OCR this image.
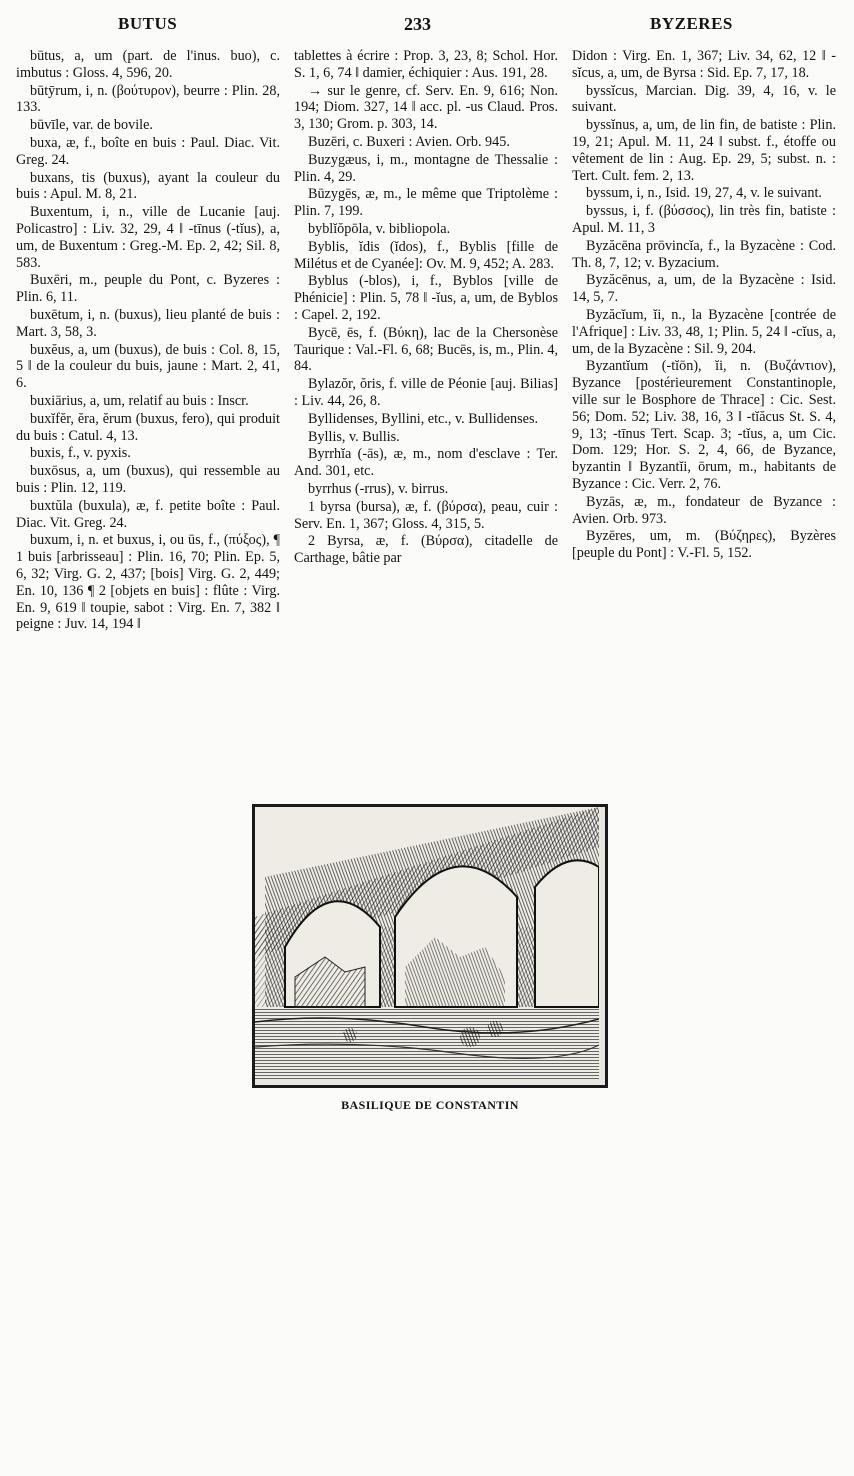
BUTUS	233	BYZERES

būtus, a, um (part. de l'inus. buo), c. imbutus : Gloss. 4, 596, 20.

būtȳrum, i, n. (βούτυρον), beurre : Plin. 28, 133.

būvīle, var. de bovile.

buxa, æ, f., boîte en buis : Paul. Diac. Vit. Greg. 24.

buxans, tis (buxus), ayant la couleur du buis : Apul. M. 8, 21.

Buxentum, i, n., ville de Lucanie [auj. Policastro] : Liv. 32, 29, 4 ‖ -tīnus (-tĭus), a, um, de Buxentum : Greg.-M. Ep. 2, 42; Sil. 8, 583.

Buxēri, m., peuple du Pont, c. Byzeres : Plin. 6, 11.

buxētum, i, n. (buxus), lieu planté de buis : Mart. 3, 58, 3.

buxĕus, a, um (buxus), de buis : Col. 8, 15, 5 ‖ de la couleur du buis, jaune : Mart. 2, 41, 6.

buxiārius, a, um, relatif au buis : Inscr.

buxĭfĕr, ĕra, ĕrum (buxus, fero), qui produit du buis : Catul. 4, 13.

buxis, f., v. pyxis.

buxōsus, a, um (buxus), qui ressemble au buis : Plin. 12, 119.

buxtŭla (buxula), æ, f. petite boîte : Paul. Diac. Vit. Greg. 24.

buxum, i, n. et buxus, i, ou ūs, f., (πύξος), ¶ 1 buis [arbrisseau] : Plin. 16, 70; Plin. Ep. 5, 6, 32; Virg. G. 2, 437; [bois] Virg. G. 2, 449; En. 10, 136 ¶ 2 [objets en buis] : flûte : Virg. En. 9, 619 ‖ toupie, sabot : Virg. En. 7, 382 ‖ peigne : Juv. 14, 194 ‖

tablettes à écrire : Prop. 3, 23, 8; Schol. Hor. S. 1, 6, 74 ‖ damier, échiquier : Aus. 191, 28.

→ sur le genre, cf. Serv. En. 9, 616; Non. 194; Diom. 327, 14 ‖ acc. pl. -us Claud. Pros. 3, 130; Grom. p. 303, 14.

Buzēri, c. Buxeri : Avien. Orb. 945.

Buzygæus, i, m., montagne de Thessalie : Plin. 4, 29.

Būzygēs, æ, m., le même que Triptolème : Plin. 7, 199.

byblĭŏpōla, v. bibliopola.

Byblis, ĭdis (ĭdos), f., Byblis [fille de Milétus et de Cyanée]: Ov. M. 9, 452; A. 283.

Byblus (-blos), i, f., Byblos [ville de Phénicie] : Plin. 5, 78 ‖ -ĭus, a, um, de Byblos : Capel. 2, 192.

Bycē, ēs, f. (Βύκη), lac de la Chersonèse Taurique : Val.-Fl. 6, 68; Bucēs, is, m., Plin. 4, 84.

Bylazŏr, ŏris, f. ville de Péonie [auj. Bilias] : Liv. 44, 26, 8.

Byllidenses, Byllini, etc., v. Bullidenses.

Byllis, v. Bullis.

Byrrhĭa (-ās), æ, m., nom d'esclave : Ter. And. 301, etc.

byrrhus (-rrus), v. birrus.

1 byrsa (bursa), æ, f. (βύρσα), peau, cuir : Serv. En. 1, 367; Gloss. 4, 315, 5.

2 Byrsa, æ, f. (Βύρσα), citadelle de Carthage, bâtie par

Didon : Virg. En. 1, 367; Liv. 34, 62, 12 ‖ -sĭcus, a, um, de Byrsa : Sid. Ep. 7, 17, 18.

byssĭcus, Marcian. Dig. 39, 4, 16, v. le suivant.

byssĭnus, a, um, de lin fin, de batiste : Plin. 19, 21; Apul. M. 11, 24 ‖ subst. f., étoffe ou vêtement de lin : Aug. Ep. 29, 5; subst. n. : Tert. Cult. fem. 2, 13.

byssum, i, n., Isid. 19, 27, 4, v. le suivant.

byssus, i, f. (βύσσος), lin très fin, batiste : Apul. M. 11, 3

Byzăcēna prōvincĭa, f., la Byzacène : Cod. Th. 8, 7, 12; v. Byzacium.

Byzăcēnus, a, um, de la Byzacène : Isid. 14, 5, 7.

Byzăcĭum, ĭi, n., la Byzacène [contrée de l'Afrique] : Liv. 33, 48, 1; Plin. 5, 24 ‖ -cĭus, a, um, de la Byzacène : Sil. 9, 204.

Byzantĭum (-tĭōn), ĭi, n. (Βυζάντιον), Byzance [postérieurement Constantinople, ville sur le Bosphore de Thrace] : Cic. Sest. 56; Dom. 52; Liv. 38, 16, 3 ‖ -tĭăcus St. S. 4, 9, 13; -tīnus Tert. Scap. 3; -tĭus, a, um Cic. Dom. 129; Hor. S. 2, 4, 66, de Byzance, byzantin ‖ Byzantĭi, ōrum, m., habitants de Byzance : Cic. Verr. 2, 76.

Byzās, æ, m., fondateur de Byzance : Avien. Orb. 973.

Byzēres, um, m. (Βύζηρες), Byzères [peuple du Pont] : V.-Fl. 5, 152.

BASILIQUE DE CONSTANTIN
